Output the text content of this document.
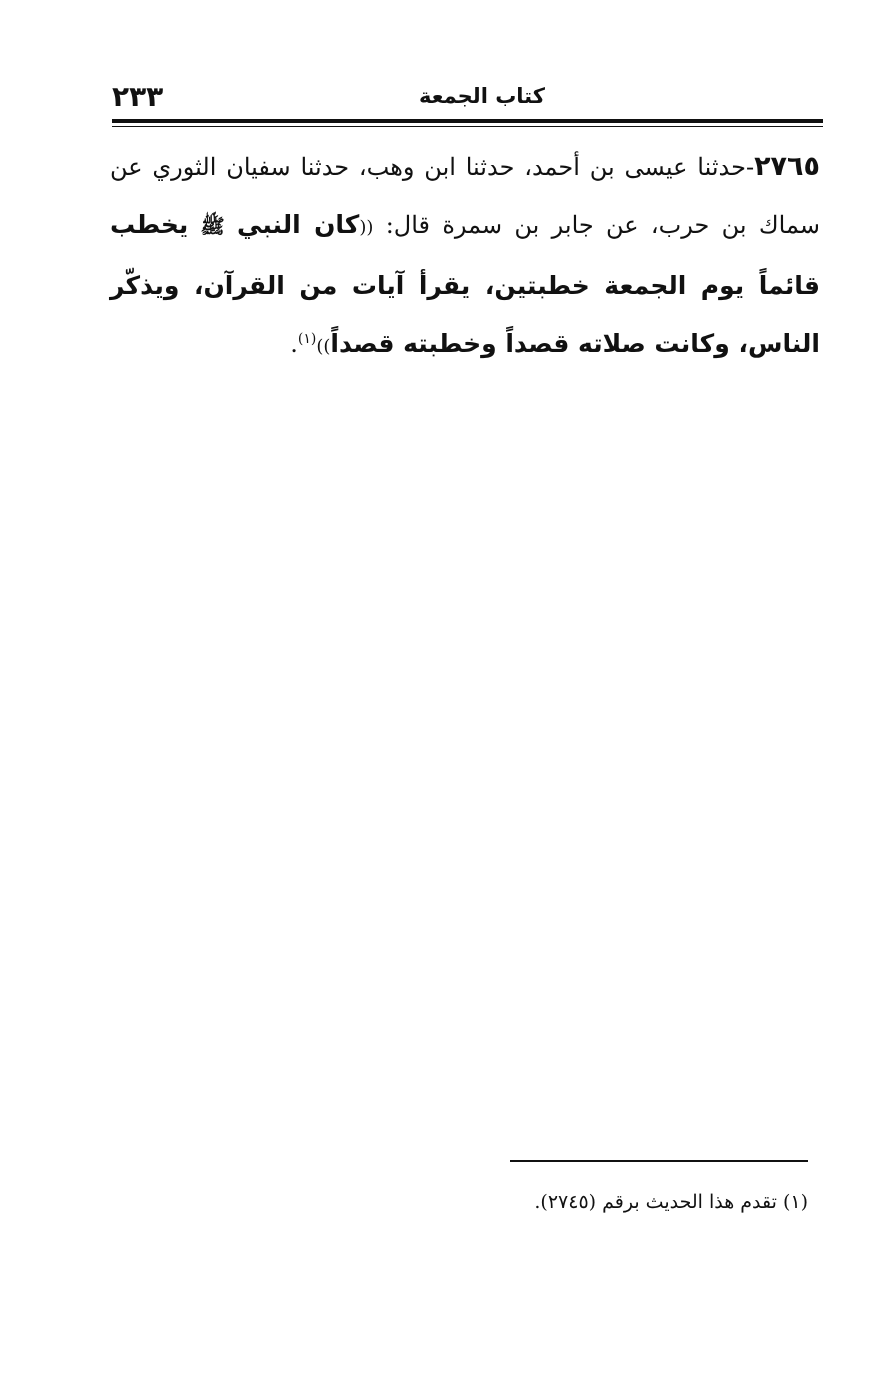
٢٣٣	كتاب الجمعة
٢٧٦٥-حدثنا عيسى بن أحمد، حدثنا ابن وهب، حدثنا سفيان الثوري عن سماك بن حرب، عن جابر بن سمرة قال: ((كان النبي ﷺ يخطب قائماً يوم الجمعة خطبتين، يقرأ آيات من القرآن، ويذكّر الناس، وكانت صلاته قصداً وخطبته قصداً))$^{(١)}$.
(١) تقدم هذا الحديث برقم (٢٧٤٥).
